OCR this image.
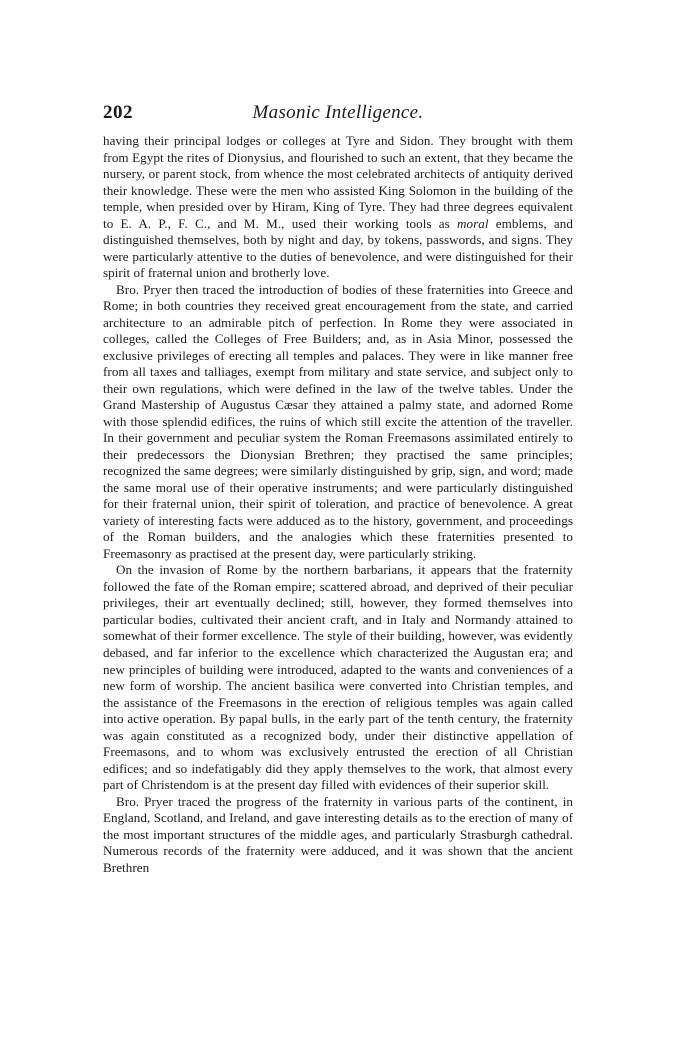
202	Masonic Intelligence.

having their principal lodges or colleges at Tyre and Sidon. They brought with them from Egypt the rites of Dionysius, and flourished to such an extent, that they became the nursery, or parent stock, from whence the most celebrated architects of antiquity derived their knowledge. These were the men who assisted King Solomon in the building of the temple, when presided over by Hiram, King of Tyre. They had three degrees equivalent to E. A. P., F. C., and M. M., used their working tools as moral emblems, and distinguished themselves, both by night and day, by tokens, passwords, and signs. They were particularly attentive to the duties of benevolence, and were distinguished for their spirit of fraternal union and brotherly love.

Bro. Pryer then traced the introduction of bodies of these fraternities into Greece and Rome; in both countries they received great encouragement from the state, and carried architecture to an admirable pitch of perfection. In Rome they were associated in colleges, called the Colleges of Free Builders; and, as in Asia Minor, possessed the exclusive privileges of erecting all temples and palaces. They were in like manner free from all taxes and talliages, exempt from military and state service, and subject only to their own regulations, which were defined in the law of the twelve tables. Under the Grand Mastership of Augustus Cæsar they attained a palmy state, and adorned Rome with those splendid edifices, the ruins of which still excite the attention of the traveller. In their government and peculiar system the Roman Freemasons assimilated entirely to their predecessors the Dionysian Brethren; they practised the same principles; recognized the same degrees; were similarly distinguished by grip, sign, and word; made the same moral use of their operative instruments; and were particularly distinguished for their fraternal union, their spirit of toleration, and practice of benevolence. A great variety of interesting facts were adduced as to the history, government, and proceedings of the Roman builders, and the analogies which these fraternities presented to Freemasonry as practised at the present day, were particularly striking.

On the invasion of Rome by the northern barbarians, it appears that the fraternity followed the fate of the Roman empire; scattered abroad, and deprived of their peculiar privileges, their art eventually declined; still, however, they formed themselves into particular bodies, cultivated their ancient craft, and in Italy and Normandy attained to somewhat of their former excellence. The style of their building, however, was evidently debased, and far inferior to the excellence which characterized the Augustan era; and new principles of building were introduced, adapted to the wants and conveniences of a new form of worship. The ancient basilica were converted into Christian temples, and the assistance of the Freemasons in the erection of religious temples was again called into active operation. By papal bulls, in the early part of the tenth century, the fraternity was again constituted as a recognized body, under their distinctive appellation of Freemasons, and to whom was exclusively entrusted the erection of all Christian edifices; and so indefatigably did they apply themselves to the work, that almost every part of Christendom is at the present day filled with evidences of their superior skill.

Bro. Pryer traced the progress of the fraternity in various parts of the continent, in England, Scotland, and Ireland, and gave interesting details as to the erection of many of the most important structures of the middle ages, and particularly Strasburgh cathedral. Numerous records of the fraternity were adduced, and it was shown that the ancient Brethren
